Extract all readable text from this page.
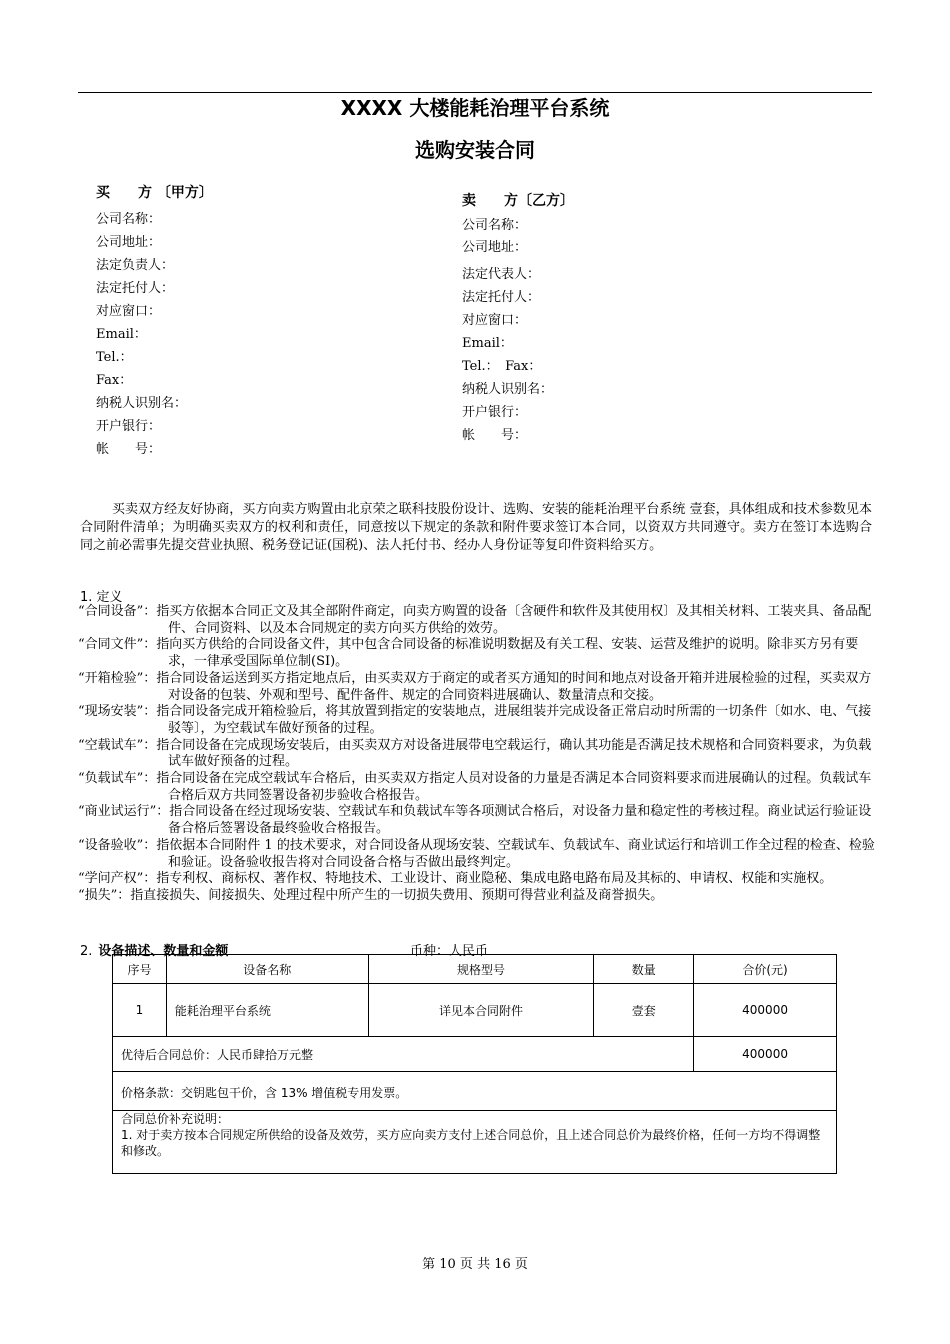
XXXX 大楼能耗治理平台系统
选购安装合同
买　　方 〔甲方〕
公司名称：
公司地址：
法定负责人：
法定托付人：
对应窗口：
Email：
Tel.：
Fax：
纳税人识别名：
开户银行：
帐　　号：
卖　　方〔乙方〕
公司名称：
公司地址：
法定代表人：
法定托付人：
对应窗口：
Email：
Tel.：　Fax：
纳税人识别名：
开户银行：
帐　　号：
买卖双方经友好协商，买方向卖方购置由北京荣之联科技股份设计、选购、安装的能耗治理平台系统 壹套，具体组成和技术参数见本合同附件清单；为明确买卖双方的权利和责任，同意按以下规定的条款和附件要求签订本合同，以资双方共同遵守。卖方在签订本选购合同之前必需事先提交营业执照、税务登记证(国税)、法人托付书、经办人身份证等复印件资料给买方。
1. 定义
“合同设备”：指买方依据本合同正文及其全部附件商定，向卖方购置的设备〔含硬件和软件及其使用权〕及其相关材料、工装夹具、备品配件、合同资料、以及本合同规定的卖方向买方供给的效劳。
“合同文件”：指向买方供给的合同设备文件，其中包含合同设备的标准说明数据及有关工程、安装、运营及维护的说明。除非买方另有要求，一律承受国际单位制(SI)。
“开箱检验”：指合同设备运送到买方指定地点后，由买卖双方于商定的或者买方通知的时间和地点对设备开箱并进展检验的过程，买卖双方对设备的包装、外观和型号、配件备件、规定的合同资料进展确认、数量清点和交接。
“现场安装”：指合同设备完成开箱检验后，将其放置到指定的安装地点，进展组装并完成设备正常启动时所需的一切条件〔如水、电、气接驳等〕，为空载试车做好预备的过程。
“空载试车”：指合同设备在完成现场安装后，由买卖双方对设备进展带电空载运行，确认其功能是否满足技术规格和合同资料要求，为负载试车做好预备的过程。
“负载试车”：指合同设备在完成空载试车合格后，由买卖双方指定人员对设备的力量是否满足本合同资料要求而进展确认的过程。负载试车合格后双方共同签署设备初步验收合格报告。
“商业试运行”：指合同设备在经过现场安装、空载试车和负载试车等各项测试合格后，对设备力量和稳定性的考核过程。商业试运行验证设备合格后签署设备最终验收合格报告。
“设备验收”：指依据本合同附件 1 的技术要求，对合同设备从现场安装、空载试车、负载试车、商业试运行和培训工作全过程的检查、检验和验证。设备验收报告将对合同设备合格与否做出最终判定。
“学问产权”：指专利权、商标权、著作权、特地技术、工业设计、商业隐秘、集成电路电路布局及其标的、申请权、权能和实施权。
“损失”：指直接损失、间接损失、处理过程中所产生的一切损失费用、预期可得营业利益及商誉损失。
2. 设备描述、数量和金额	币种：人民币
序号	设备名称	规格型号	数量	合价(元)
1	能耗治理平台系统	详见本合同附件	壹套	400000
优待后合同总价：人民币肆拾万元整				400000
价格条款：交钥匙包干价，含 13% 增值税专用发票。				

合同总价补充说明：
1. 对于卖方按本合同规定所供给的设备及效劳，买方应向卖方支付上述合同总价，且上述合同总价为最终价格，任何一方均不得调整和修改。				
第 10 页 共 16 页
